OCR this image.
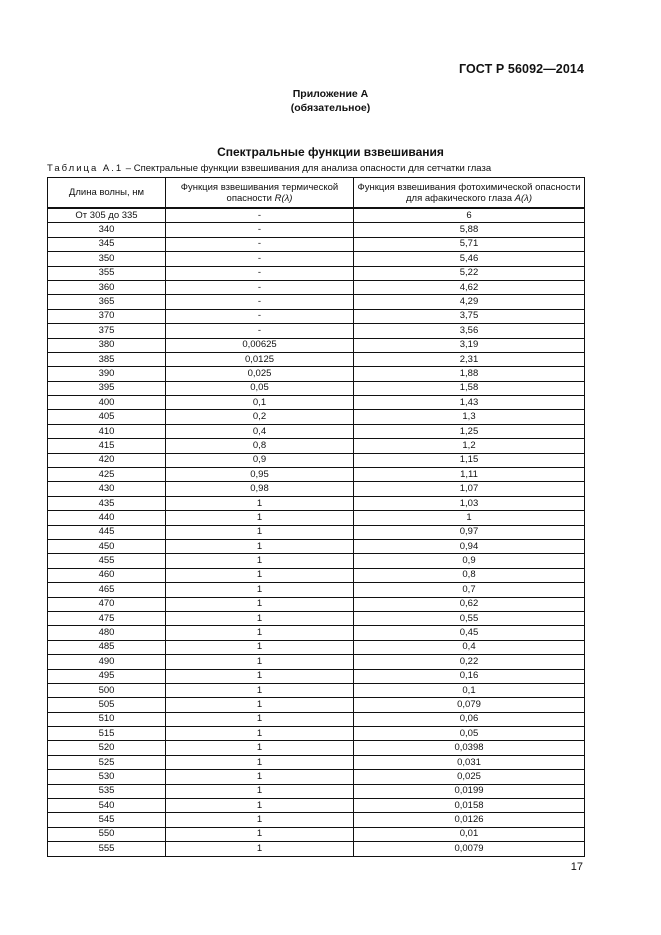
ГОСТ Р 56092—2014
Приложение А
(обязательное)
Спектральные функции взвешивания
Таблица А.1 – Спектральные функции взвешивания для анализа опасности для сетчатки глаза
Длина волны, нм	Функция взвешивания термической опасности R(λ)	Функция взвешивания фотохимической опасности для афакического глаза A(λ)
От 305 до 335	-	6
340	-	5,88
345	-	5,71
350	-	5,46
355	-	5,22
360	-	4,62
365	-	4,29
370	-	3,75
375	-	3,56
380	0,00625	3,19
385	0,0125	2,31
390	0,025	1,88
395	0,05	1,58
400	0,1	1,43
405	0,2	1,3
410	0,4	1,25
415	0,8	1,2
420	0,9	1,15
425	0,95	1,11
430	0,98	1,07
435	1	1,03
440	1	1
445	1	0,97
450	1	0,94
455	1	0,9
460	1	0,8
465	1	0,7
470	1	0,62
475	1	0,55
480	1	0,45
485	1	0,4
490	1	0,22
495	1	0,16
500	1	0,1
505	1	0,079
510	1	0,06
515	1	0,05
520	1	0,0398
525	1	0,031
530	1	0,025
535	1	0,0199
540	1	0,0158
545	1	0,0126
550	1	0,01
555	1	0,0079
17
